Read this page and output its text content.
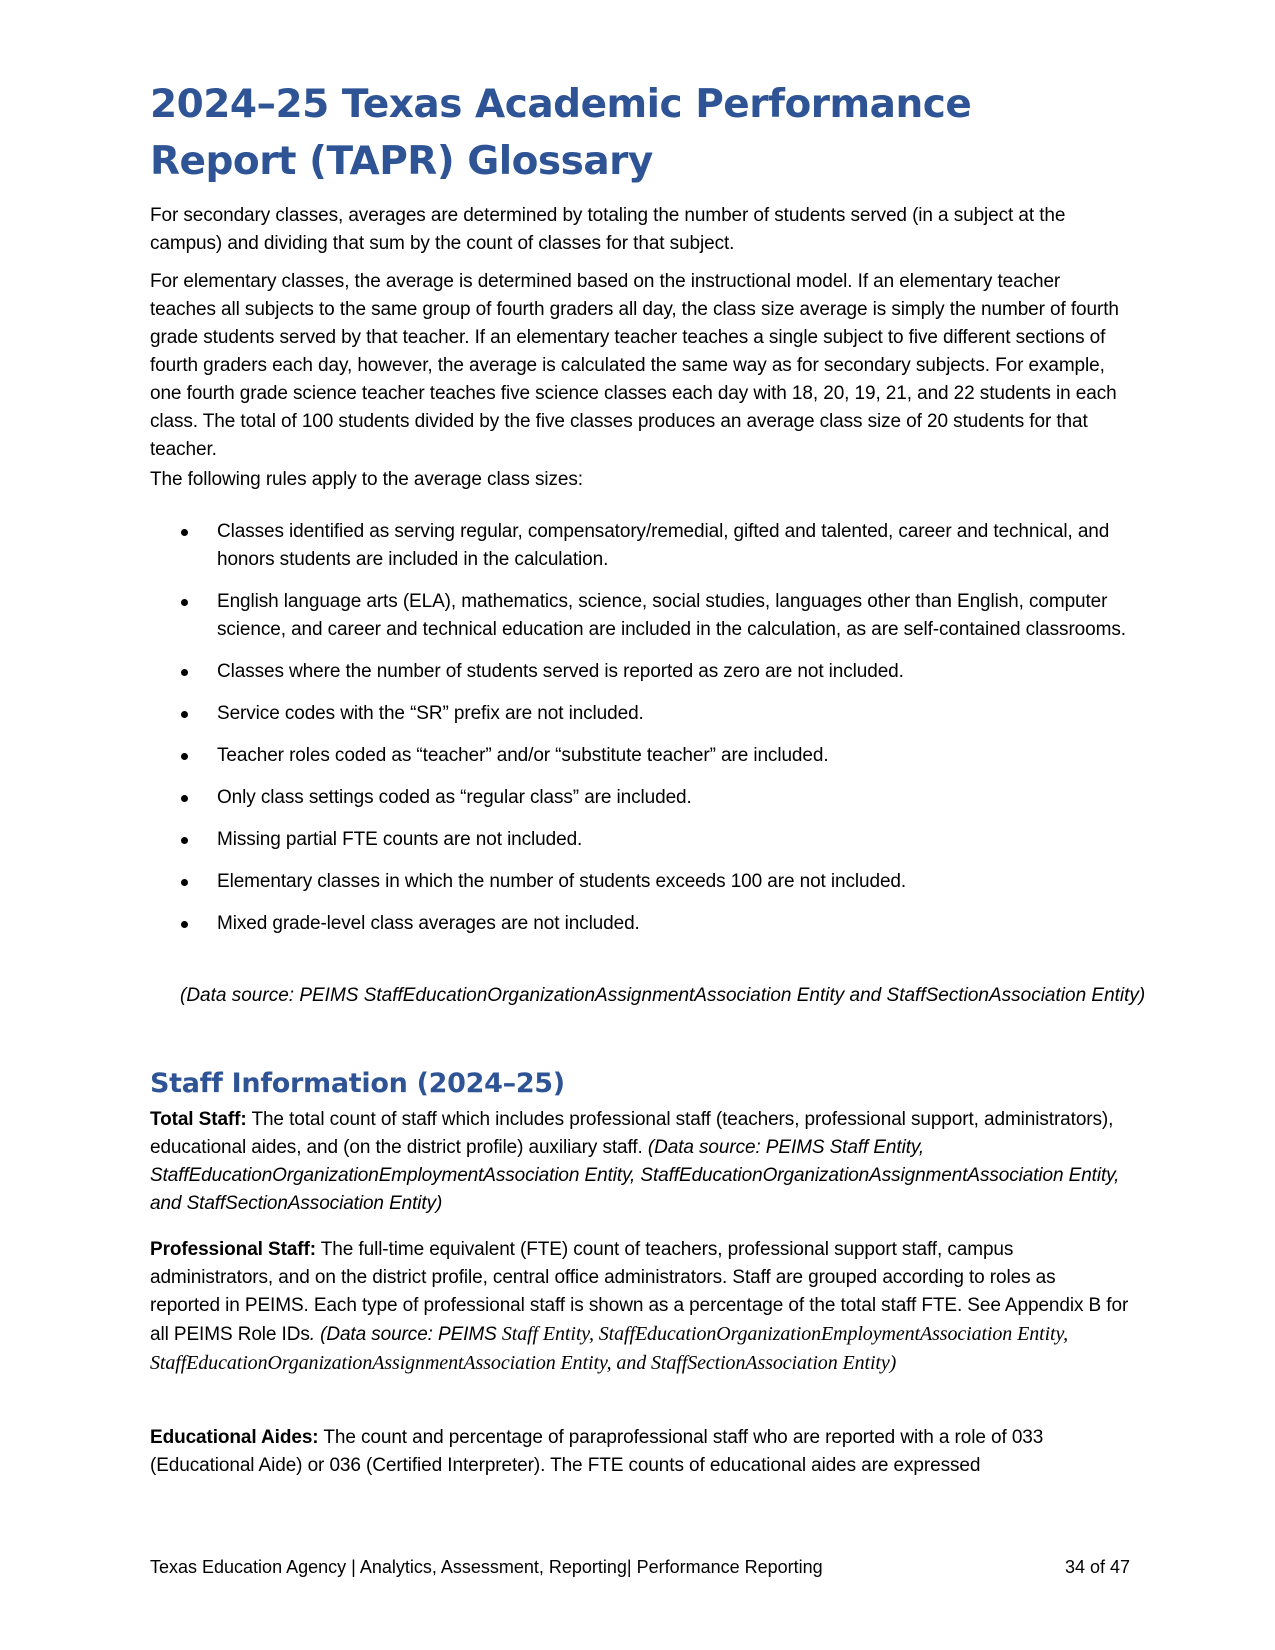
2024–25 Texas Academic Performance Report (TAPR) Glossary

For secondary classes, averages are determined by totaling the number of students served (in a subject at the campus) and dividing that sum by the count of classes for that subject.

For elementary classes, the average is determined based on the instructional model. If an elementary teacher teaches all subjects to the same group of fourth graders all day, the class size average is simply the number of fourth grade students served by that teacher. If an elementary teacher teaches a single subject to five different sections of fourth graders each day, however, the average is calculated the same way as for secondary subjects. For example, one fourth grade science teacher teaches five science classes each day with 18, 20, 19, 21, and 22 students in each class. The total of 100 students divided by the five classes produces an average class size of 20 students for that teacher.

The following rules apply to the average class sizes:

Classes identified as serving regular, compensatory/remedial, gifted and talented, career and technical, and honors students are included in the calculation.
English language arts (ELA), mathematics, science, social studies, languages other than English, computer science, and career and technical education are included in the calculation, as are self-contained classrooms.
Classes where the number of students served is reported as zero are not included.
Service codes with the “SR” prefix are not included.
Teacher roles coded as “teacher” and/or “substitute teacher” are included.
Only class settings coded as “regular class” are included.
Missing partial FTE counts are not included.
Elementary classes in which the number of students exceeds 100 are not included.
Mixed grade-level class averages are not included.
(Data source: PEIMS StaffEducationOrganizationAssignmentAssociation Entity and StaffSectionAssociation Entity)
Staff Information (2024–25)

Total Staff: The total count of staff which includes professional staff (teachers, professional support, administrators), educational aides, and (on the district profile) auxiliary staff. (Data source: PEIMS Staff Entity, StaffEducationOrganizationEmploymentAssociation Entity, StaffEducationOrganizationAssignmentAssociation Entity, and StaffSectionAssociation Entity)

Professional Staff: The full-time equivalent (FTE) count of teachers, professional support staff, campus administrators, and on the district profile, central office administrators. Staff are grouped according to roles as reported in PEIMS. Each type of professional staff is shown as a percentage of the total staff FTE. See Appendix B for all PEIMS Role IDs. (Data source: PEIMS Staff Entity, StaffEducationOrganizationEmploymentAssociation Entity, StaffEducationOrganizationAssignmentAssociation Entity, and StaffSectionAssociation Entity)

Educational Aides: The count and percentage of paraprofessional staff who are reported with a role of 033 (Educational Aide) or 036 (Certified Interpreter). The FTE counts of educational aides are expressed

Texas Education Agency | Analytics, Assessment, Reporting| Performance Reporting	34 of 47
